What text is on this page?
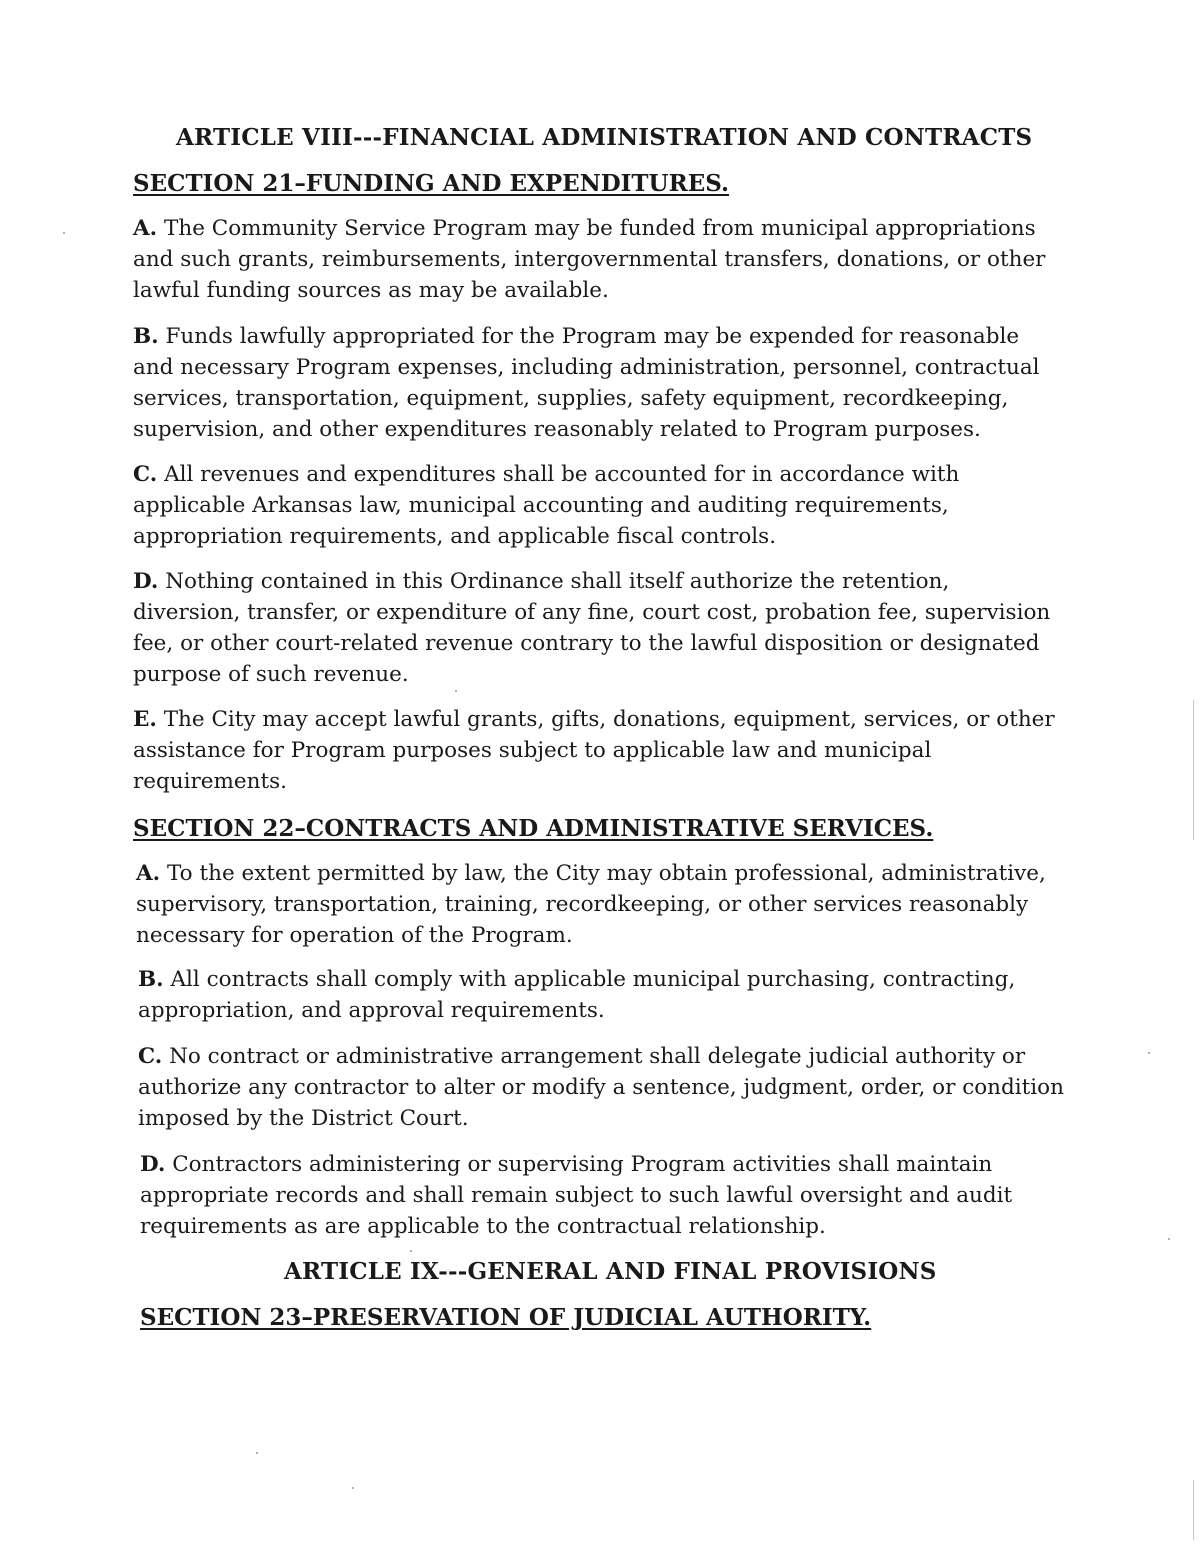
ARTICLE VIII---FINANCIAL ADMINISTRATION AND CONTRACTS
SECTION 21–FUNDING AND EXPENDITURES.

A. The Community Service Program may be funded from municipal appropriations and such grants, reimbursements, intergovernmental transfers, donations, or other lawful funding sources as may be available.

B. Funds lawfully appropriated for the Program may be expended for reasonable and necessary Program expenses, including administration, personnel, contractual services, transportation, equipment, supplies, safety equipment, recordkeeping, supervision, and other expenditures reasonably related to Program purposes.

C. All revenues and expenditures shall be accounted for in accordance with applicable Arkansas law, municipal accounting and auditing requirements, appropriation requirements, and applicable fiscal controls.

D. Nothing contained in this Ordinance shall itself authorize the retention, diversion, transfer, or expenditure of any fine, court cost, probation fee, supervision fee, or other court-related revenue contrary to the lawful disposition or designated purpose of such revenue.

E. The City may accept lawful grants, gifts, donations, equipment, services, or other assistance for Program purposes subject to applicable law and municipal requirements.

SECTION 22–CONTRACTS AND ADMINISTRATIVE SERVICES.

A. To the extent permitted by law, the City may obtain professional, administrative, supervisory, transportation, training, recordkeeping, or other services reasonably necessary for operation of the Program.

B. All contracts shall comply with applicable municipal purchasing, contracting, appropriation, and approval requirements.

C. No contract or administrative arrangement shall delegate judicial authority or authorize any contractor to alter or modify a sentence, judgment, order, or condition imposed by the District Court.

D. Contractors administering or supervising Program activities shall maintain appropriate records and shall remain subject to such lawful oversight and audit requirements as are applicable to the contractual relationship.

ARTICLE IX---GENERAL AND FINAL PROVISIONS
SECTION 23–PRESERVATION OF JUDICIAL AUTHORITY.
